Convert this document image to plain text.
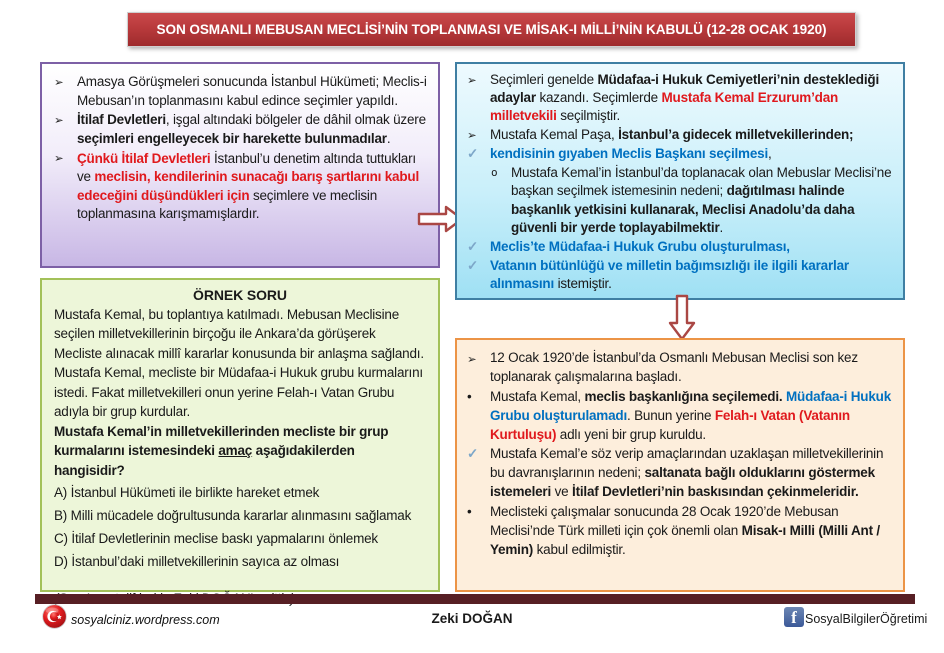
SON OSMANLI MEBUSAN MECLİSİ’NİN TOPLANMASI VE MİSAK-I MİLLİ’NİN KABULÜ (12-28 OCAK 1920)
➢	Amasya Görüşmeleri sonucunda İstanbul Hükümeti; Meclis-i Mebusan’ın toplanmasını kabul edince seçimler yapıldı.
➢	İtilaf Devletleri, işgal altındaki bölgeler de dâhil olmak üzere seçimleri engelleyecek bir harekette bulunmadılar.
➢	Çünkü İtilaf Devletleri İstanbul’u denetim altında tuttukları ve meclisin, kendilerinin sunacağı barış şartlarını kabul edeceğini düşündükleri için seçimlere ve meclisin toplanmasına karışmamışlardır.
➢	Seçimleri genelde Müdafaa-i Hukuk Cemiyetleri’nin desteklediği adaylar kazandı. Seçimlerde Mustafa Kemal Erzurum’dan milletvekili seçilmiştir.
➢	Mustafa Kemal Paşa, İstanbul’a gidecek milletvekillerinden;
✓ kendisinin gıyaben Meclis Başkanı seçilmesi,
o	Mustafa Kemal’in İstanbul’da toplanacak olan Mebuslar Meclisi’ne başkan seçilmek istemesinin nedeni; dağıtılması halinde başkanlık yetkisini kullanarak, Meclisi Anadolu’da daha güvenli bir yerde toplayabilmektir.
✓ Meclis’te Müdafaa-i Hukuk Grubu oluşturulması,
✓ Vatanın bütünlüğü ve milletin bağımsızlığı ile ilgili kararlar alınmasını istemiştir.
➢	12 Ocak 1920’de İstanbul’da Osmanlı Mebusan Meclisi son kez toplanarak çalışmalarına başladı.
•	Mustafa Kemal, meclis başkanlığına seçilemedi. Müdafaa-i Hukuk Grubu oluşturulamadı. Bunun yerine Felah-ı Vatan (Vatanın Kurtuluşu) adlı yeni bir grup kuruldu.
✓ Mustafa Kemal’e söz verip amaçlarından uzaklaşan milletvekillerinin bu davranışlarının nedeni; saltanata bağlı olduklarını göstermek istemeleri ve İtilaf Devletleri’nin baskısından çekinmeleridir.
•	Meclisteki çalışmalar sonucunda 28 Ocak 1920’de Mebusan Meclisi’nde Türk milleti için çok önemli olan Misak-ı Milli (Milli Ant / Yemin) kabul edilmiştir.
ÖRNEK SORU
Mustafa Kemal, bu toplantıya katılmadı. Mebusan Meclisine seçilen milletvekillerinin birçoğu ile Ankara’da görüşerek Mecliste alınacak millî kararlar konusunda bir anlaşma sağlandı. Mustafa Kemal, mecliste bir Müdafaa-i Hukuk grubu kurmalarını istedi. Fakat milletvekilleri onun yerine Felah-ı Vatan Grubu adıyla bir grup kurdular.
Mustafa Kemal’in milletvekillerinden mecliste bir grup kurmalarını istemesindeki amaç aşağıdakilerden hangisidir?
A) İstanbul Hükümeti ile birlikte hareket etmek
B) Milli mücadele doğrultusunda kararlar alınmasını sağlamak
C) İtilaf Devletlerinin meclise baskı yapmalarını önlemek
D) İstanbul’daki milletvekillerinin sayıca az olması
sosyalciniz.wordpress.com	Zeki DOĞAN	f SosyalBilgilerÖğretimi
